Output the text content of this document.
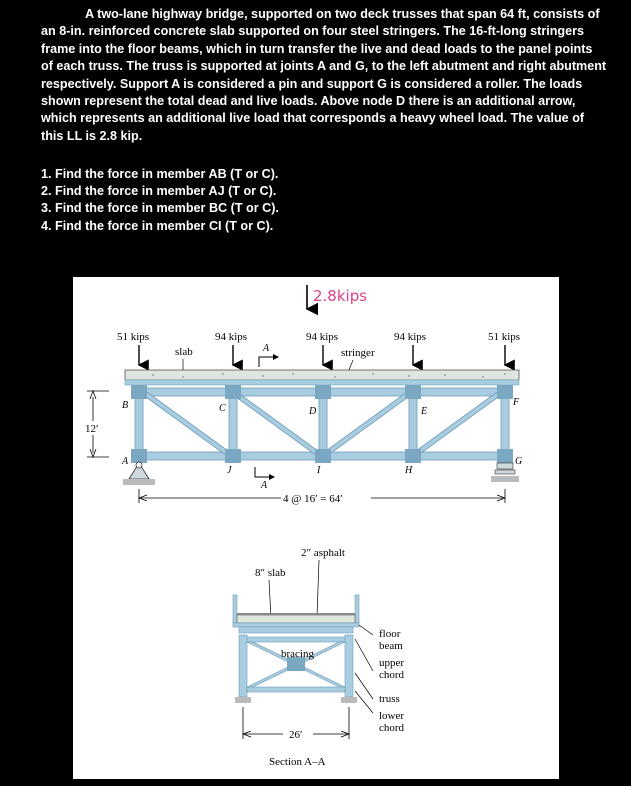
A two-lane highway bridge, supported on two deck trusses that span 64 ft, consists of an 8-in. reinforced concrete slab supported on four steel stringers. The 16-ft-long stringers frame into the floor beams, which in turn transfer the live and dead loads to the panel points of each truss. The truss is supported at joints A and G, to the left abutment and right abutment respectively. Support A is considered a pin and support G is considered a roller. The loads shown represent the total dead and live loads. Above node D there is an additional arrow, which represents an additional live load that corresponds a heavy wheel load. The value of this LL is 2.8 kip.

1. Find the force in member AB (T or C).
2. Find the force in member AJ (T or C).
3. Find the force in member BC (T or C).
4. Find the force in member CI (T or C).
2.8kips
51 kips	94 kips	94 kips	94 kips	51 kips
slab	stringer
A
B	C	D	E
F
A
J	I	H
G
A
12′
4 @ 16′ = 64′
2″ asphalt
8″ slab
bracing
floor
beam
upper
chord
truss
lower
chord
26′
Section A–A
